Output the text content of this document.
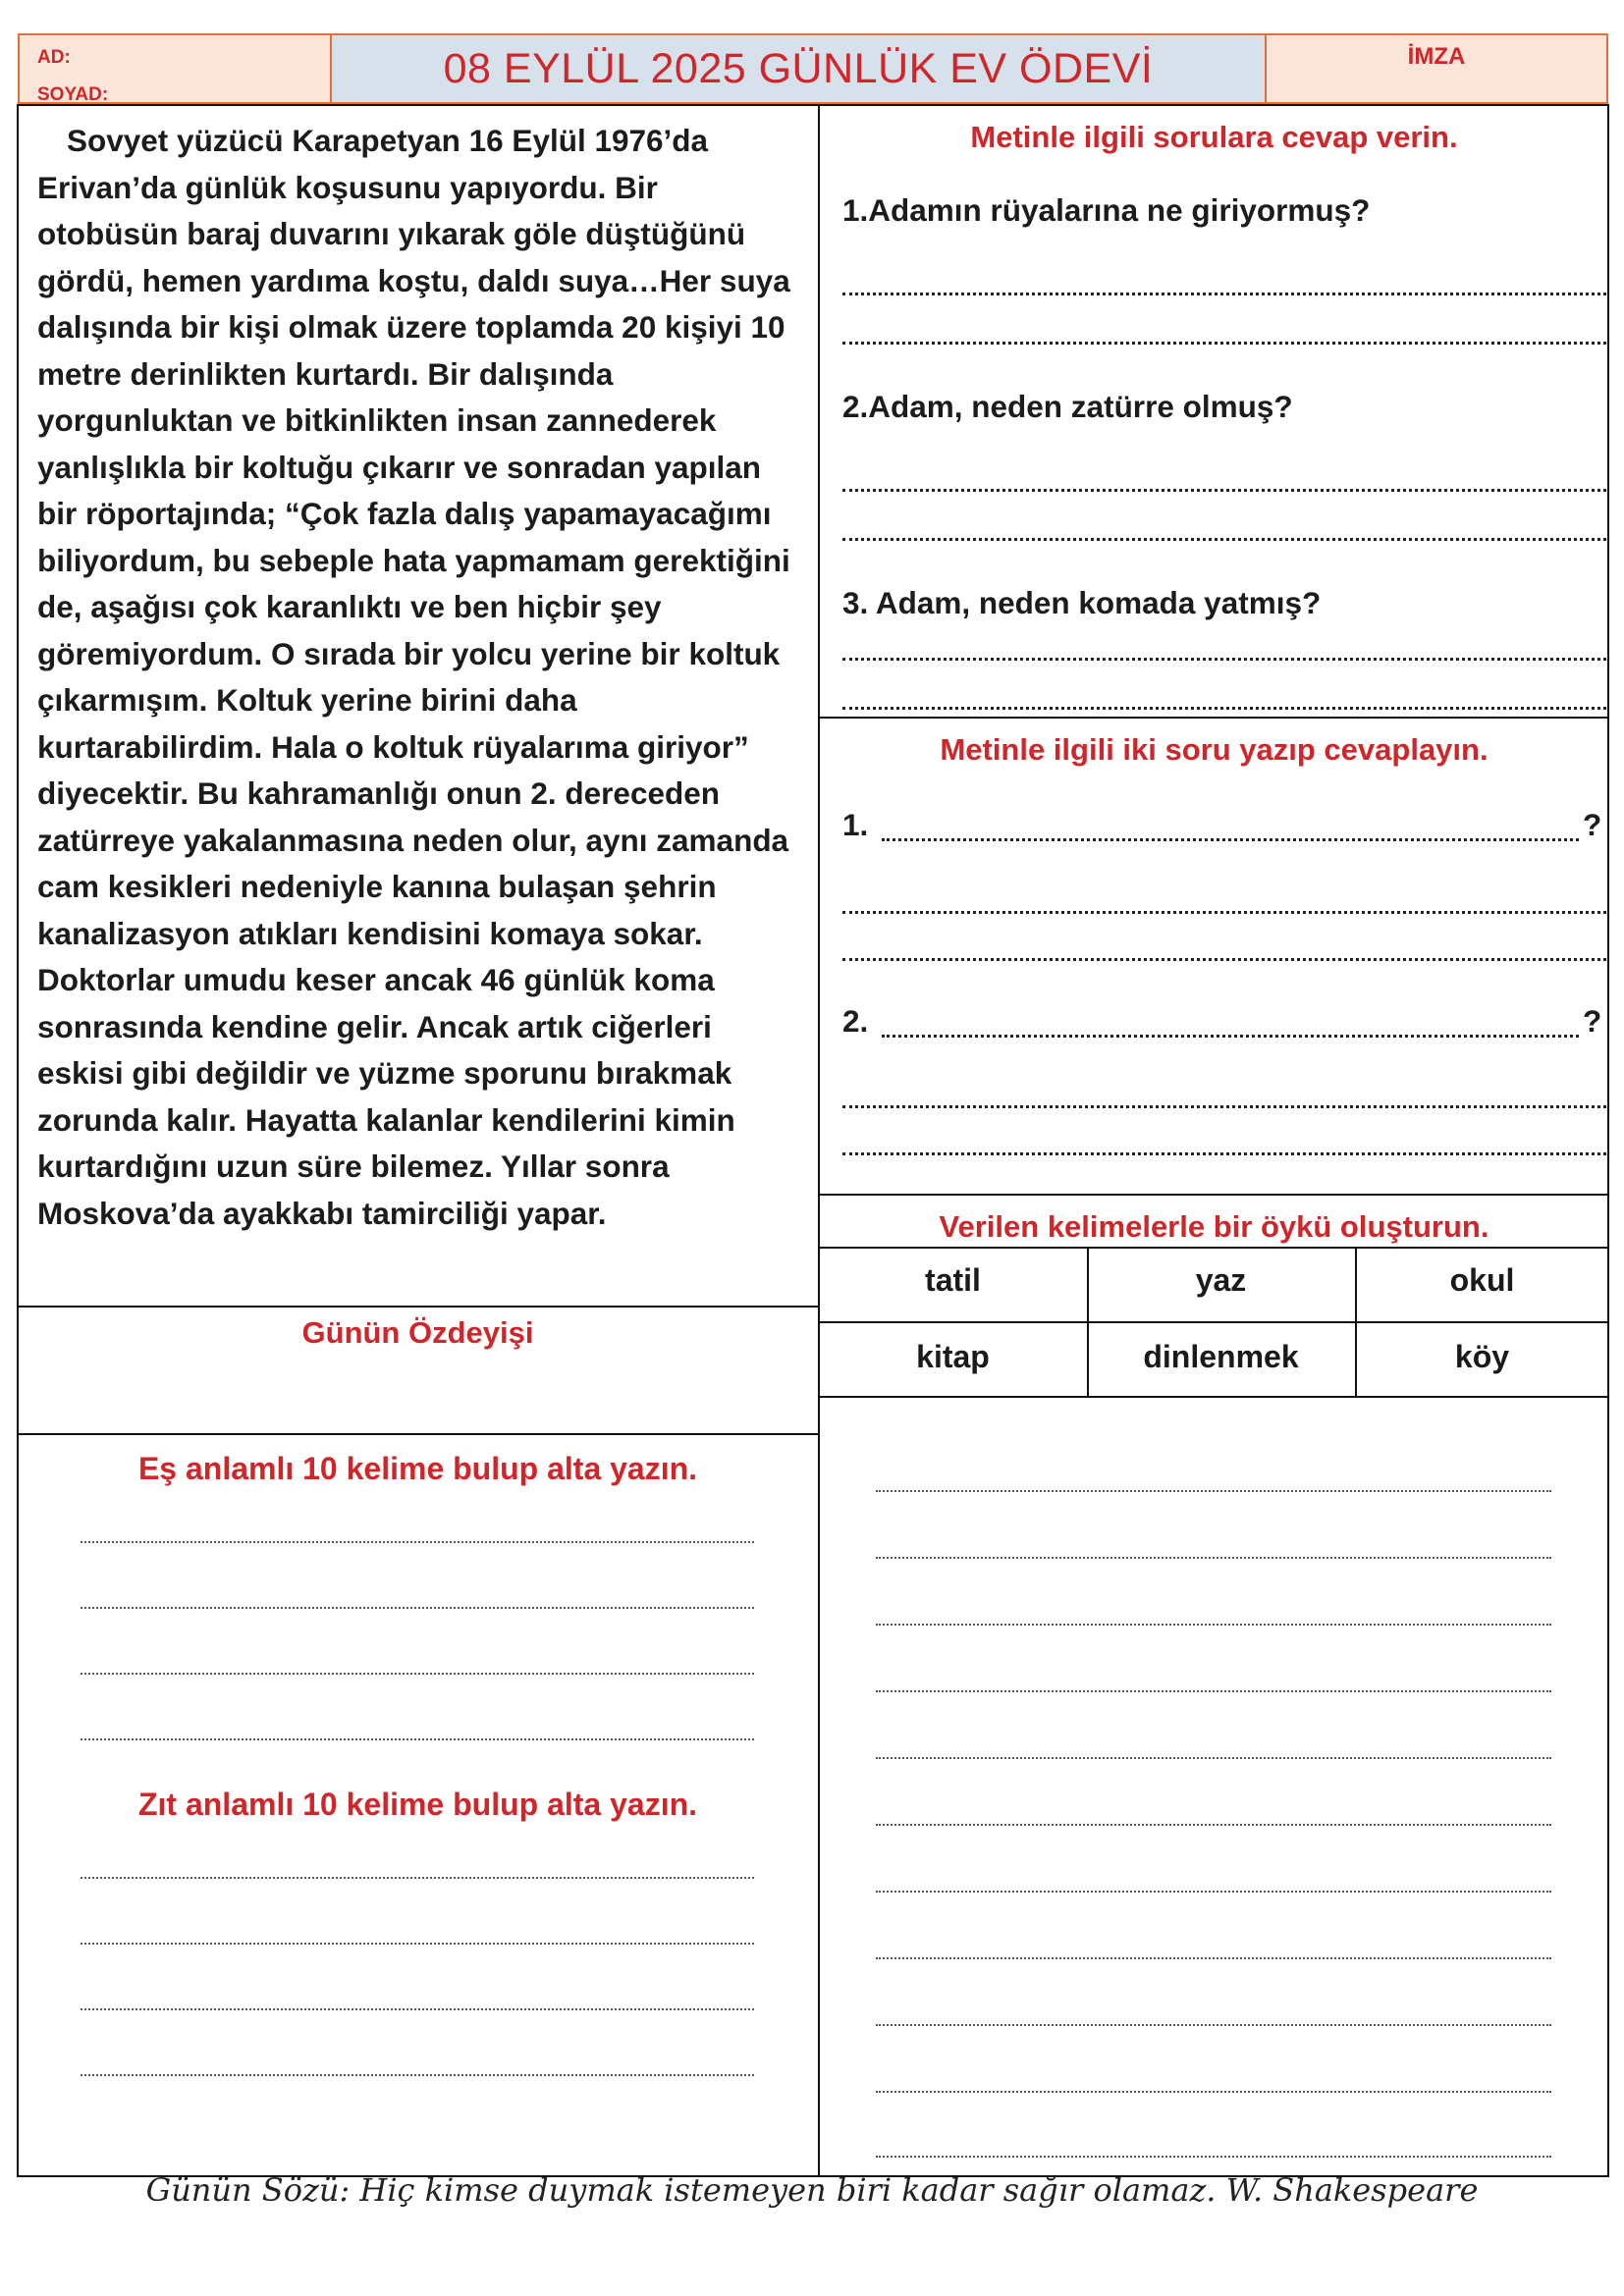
AD:
SOYAD:
08 EYLÜL 2025 GÜNLÜK EV ÖDEVİ	İMZA
Sovyet yüzücü Karapetyan 16 Eylül 1976’da Erivan’da günlük koşusunu yapıyordu. Bir otobüsün baraj duvarını yıkarak göle düştüğünü gördü, hemen yardıma koştu, daldı suya…Her suya dalışında bir kişi olmak üzere toplamda 20 kişiyi 10 metre derinlikten kurtardı. Bir dalışında yorgunluktan ve bitkinlikten insan zannederek yanlışlıkla bir koltuğu çıkarır ve sonradan yapılan bir röportajında; “Çok fazla dalış yapamayacağımı biliyordum, bu sebeple hata yapmamam gerektiğini de, aşağısı çok karanlıktı ve ben hiçbir şey göremiyordum. O sırada bir yolcu yerine bir koltuk çıkarmışım. Koltuk yerine birini daha kurtarabilirdim. Hala o koltuk rüyalarıma giriyor” diyecektir. Bu kahramanlığı onun 2. dereceden zatürreye yakalanmasına neden olur, aynı zamanda cam kesikleri nedeniyle kanına bulaşan şehrin kanalizasyon atıkları kendisini komaya sokar. Doktorlar umudu keser ancak 46 günlük koma sonrasında kendine gelir. Ancak artık ciğerleri eskisi gibi değildir ve yüzme sporunu bırakmak zorunda kalır. Hayatta kalanlar kendilerini kimin kurtardığını uzun süre bilemez. Yıllar sonra Moskova’da ayakkabı tamirciliği yapar.
Günün Özdeyişi
Eş anlamlı 10 kelime bulup alta yazın.
Zıt anlamlı 10 kelime bulup alta yazın.
Metinle ilgili sorulara cevap verin.
1.Adamın rüyalarına ne giriyormuş?
2.Adam, neden zatürre olmuş?
3. Adam, neden komada yatmış?
Metinle ilgili iki soru yazıp cevaplayın.
1.	?
2.	?
Verilen kelimelerle bir öykü oluşturun.
tatil	yaz	okul
kitap	dinlenmek	köy
Günün Sözü: Hiç kimse duymak istemeyen biri kadar sağır olamaz. W. Shakespeare
